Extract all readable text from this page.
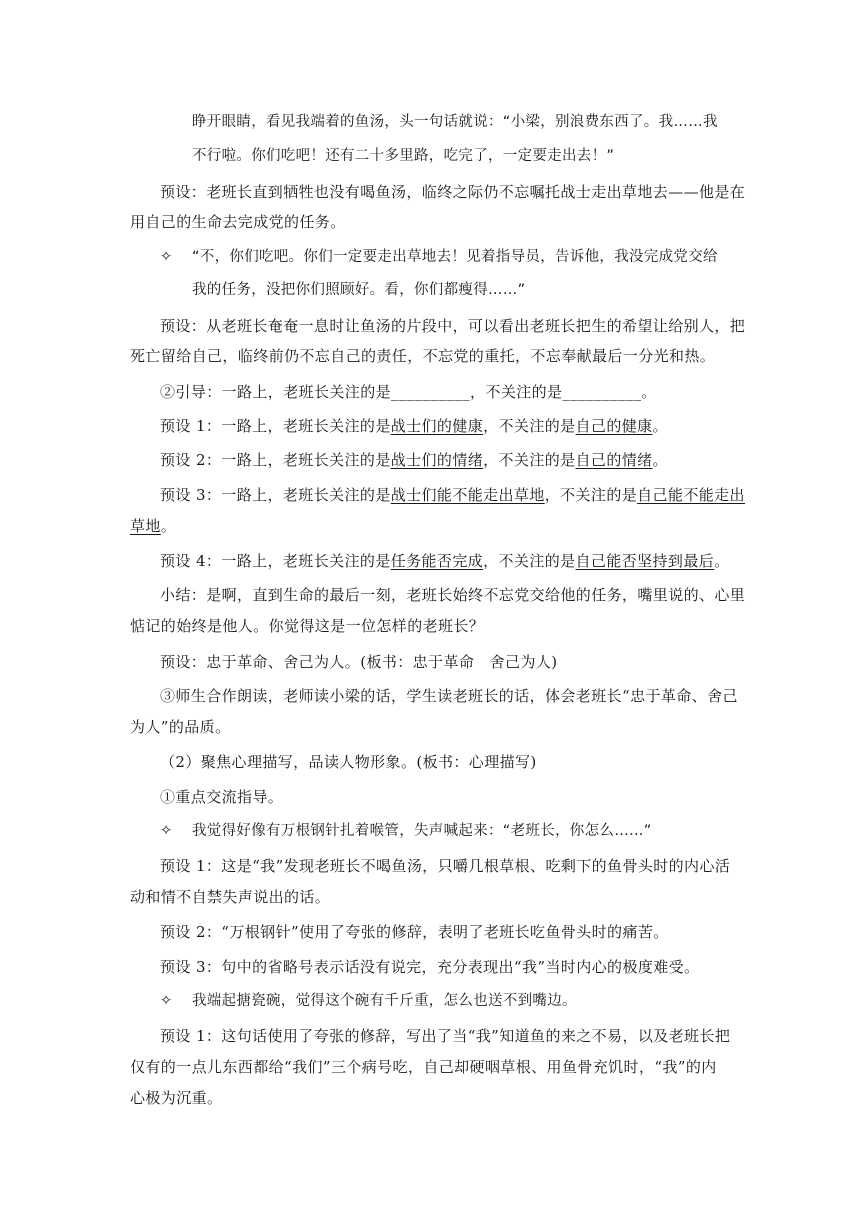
睁开眼睛，看见我端着的鱼汤，头一句话就说：“小梁，别浪费东西了。我……我
不行啦。你们吃吧！还有二十多里路，吃完了，一定要走出去！”
预设：老班长直到牺牲也没有喝鱼汤，临终之际仍不忘嘱托战士走出草地去——他是在
用自己的生命去完成党的任务。
✧ “不，你们吃吧。你们一定要走出草地去！见着指导员，告诉他，我没完成党交给
我的任务，没把你们照顾好。看，你们都瘦得……”
预设：从老班长奄奄一息时让鱼汤的片段中，可以看出老班长把生的希望让给别人，把
死亡留给自己，临终前仍不忘自己的责任，不忘党的重托，不忘奉献最后一分光和热。
②引导：一路上，老班长关注的是__________，不关注的是__________。
预设 1：一路上，老班长关注的是战士们的健康，不关注的是自己的健康。
预设 2：一路上，老班长关注的是战士们的情绪，不关注的是自己的情绪。
预设 3：一路上，老班长关注的是战士们能不能走出草地，不关注的是自己能不能走出
草地。
预设 4：一路上，老班长关注的是任务能否完成，不关注的是自己能否坚持到最后。
小结：是啊，直到生命的最后一刻，老班长始终不忘党交给他的任务，嘴里说的、心里
惦记的始终是他人。你觉得这是一位怎样的老班长？
预设：忠于革命、舍己为人。(板书：忠于革命　舍己为人)
③师生合作朗读，老师读小梁的话，学生读老班长的话，体会老班长“忠于革命、舍己
为人”的品质。
（2）聚焦心理描写，品读人物形象。(板书：心理描写)
①重点交流指导。
✧ 我觉得好像有万根钢针扎着喉管，失声喊起来：“老班长，你怎么……”
预设 1：这是“我”发现老班长不喝鱼汤，只嚼几根草根、吃剩下的鱼骨头时的内心活
动和情不自禁失声说出的话。
预设 2：“万根钢针”使用了夸张的修辞，表明了老班长吃鱼骨头时的痛苦。
预设 3：句中的省略号表示话没有说完，充分表现出“我”当时内心的极度难受。
✧ 我端起搪瓷碗，觉得这个碗有千斤重，怎么也送不到嘴边。
预设 1：这句话使用了夸张的修辞，写出了当“我”知道鱼的来之不易，以及老班长把
仅有的一点儿东西都给“我们”三个病号吃，自己却硬咽草根、用鱼骨充饥时，“我”的内
心极为沉重。
